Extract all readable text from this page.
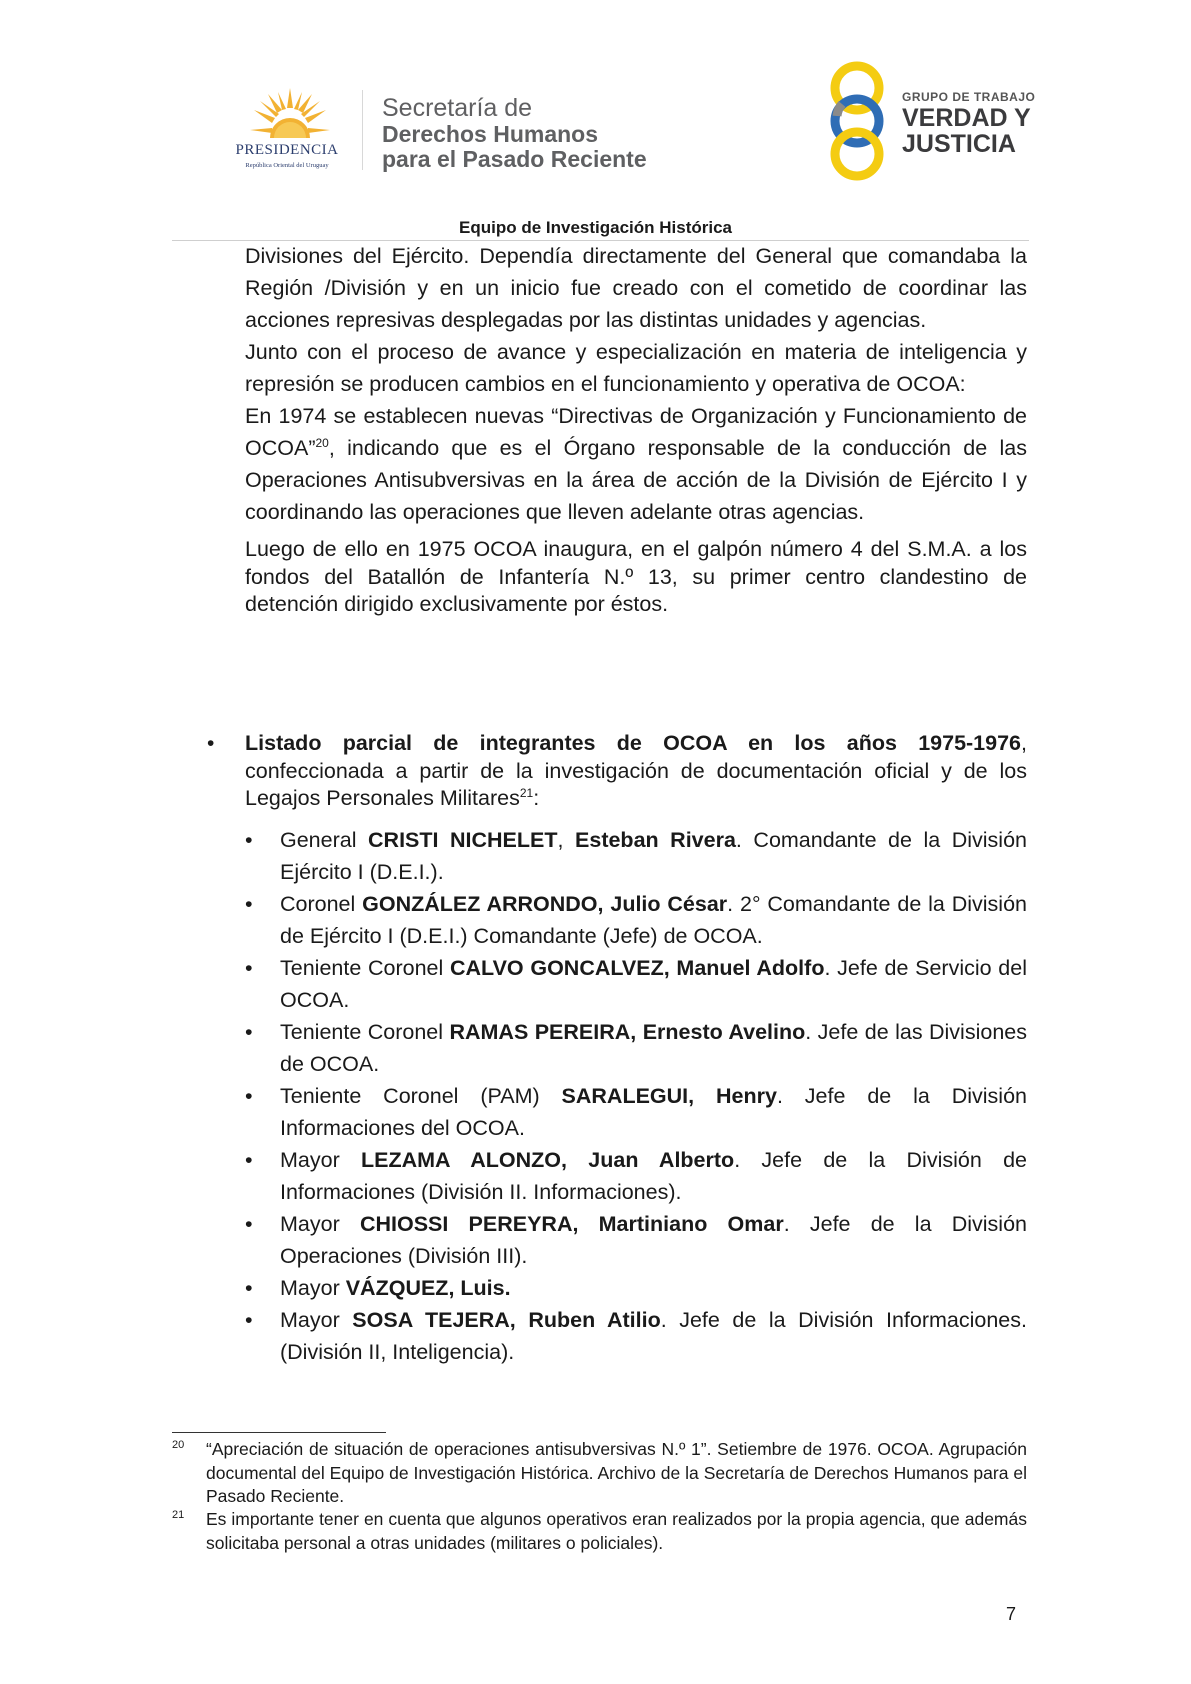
PRESIDENCIA
República Oriental del Uruguay
Secretaría de
Derechos Humanos
para el Pasado Reciente
GRUPO DE TRABAJO
VERDAD Y
JUSTICIA
Equipo de Investigación Histórica

Divisiones del Ejército. Dependía directamente del General que comandaba la Región /División y en un inicio fue creado con el cometido de coordinar las acciones represivas desplegadas por las distintas unidades y agencias.

Junto con el proceso de avance y especialización en materia de inteligencia y represión se producen cambios en el funcionamiento y operativa de OCOA:

En 1974 se establecen nuevas “Directivas de Organización y Funcionamiento de OCOA”$^{20}$, indicando que es el Órgano responsable de la conducción de las Operaciones Antisubversivas en la área de acción de la División de Ejército I y coordinando las operaciones que lleven adelante otras agencias.

Luego de ello en 1975 OCOA inaugura, en el galpón número 4 del S.M.A. a los fondos del Batallón de Infantería N.º 13, su primer centro clandestino de detención dirigido exclusivamente por éstos.

• Listado parcial de integrantes de OCOA en los años 1975-1976, confeccionada a partir de la investigación de documentación oficial y de los Legajos Personales Militares$^{21}$:

• General CRISTI NICHELET, Esteban Rivera. Comandante de la División Ejército I (D.E.I.).
• Coronel GONZÁLEZ ARRONDO, Julio César. 2° Comandante de la División de Ejército I (D.E.I.) Comandante (Jefe) de OCOA.
• Teniente Coronel CALVO GONCALVEZ, Manuel Adolfo. Jefe de Servicio del OCOA.
• Teniente Coronel RAMAS PEREIRA, Ernesto Avelino. Jefe de las Divisiones de OCOA.
• Teniente Coronel (PAM) SARALEGUI, Henry. Jefe de la División Informaciones del OCOA.
• Mayor LEZAMA ALONZO, Juan Alberto. Jefe de la División de Informaciones (División II. Informaciones).
• Mayor CHIOSSI PEREYRA, Martiniano Omar. Jefe de la División Operaciones (División III).
• Mayor VÁZQUEZ, Luis.
• Mayor SOSA TEJERA, Ruben Atilio. Jefe de la División Informaciones. (División II, Inteligencia).
20 “Apreciación de situación de operaciones antisubversivas N.º 1”. Setiembre de 1976. OCOA. Agrupación documental del Equipo de Investigación Histórica. Archivo de la Secretaría de Derechos Humanos para el Pasado Reciente.
21 Es importante tener en cuenta que algunos operativos eran realizados por la propia agencia, que además solicitaba personal a otras unidades (militares o policiales).
7
